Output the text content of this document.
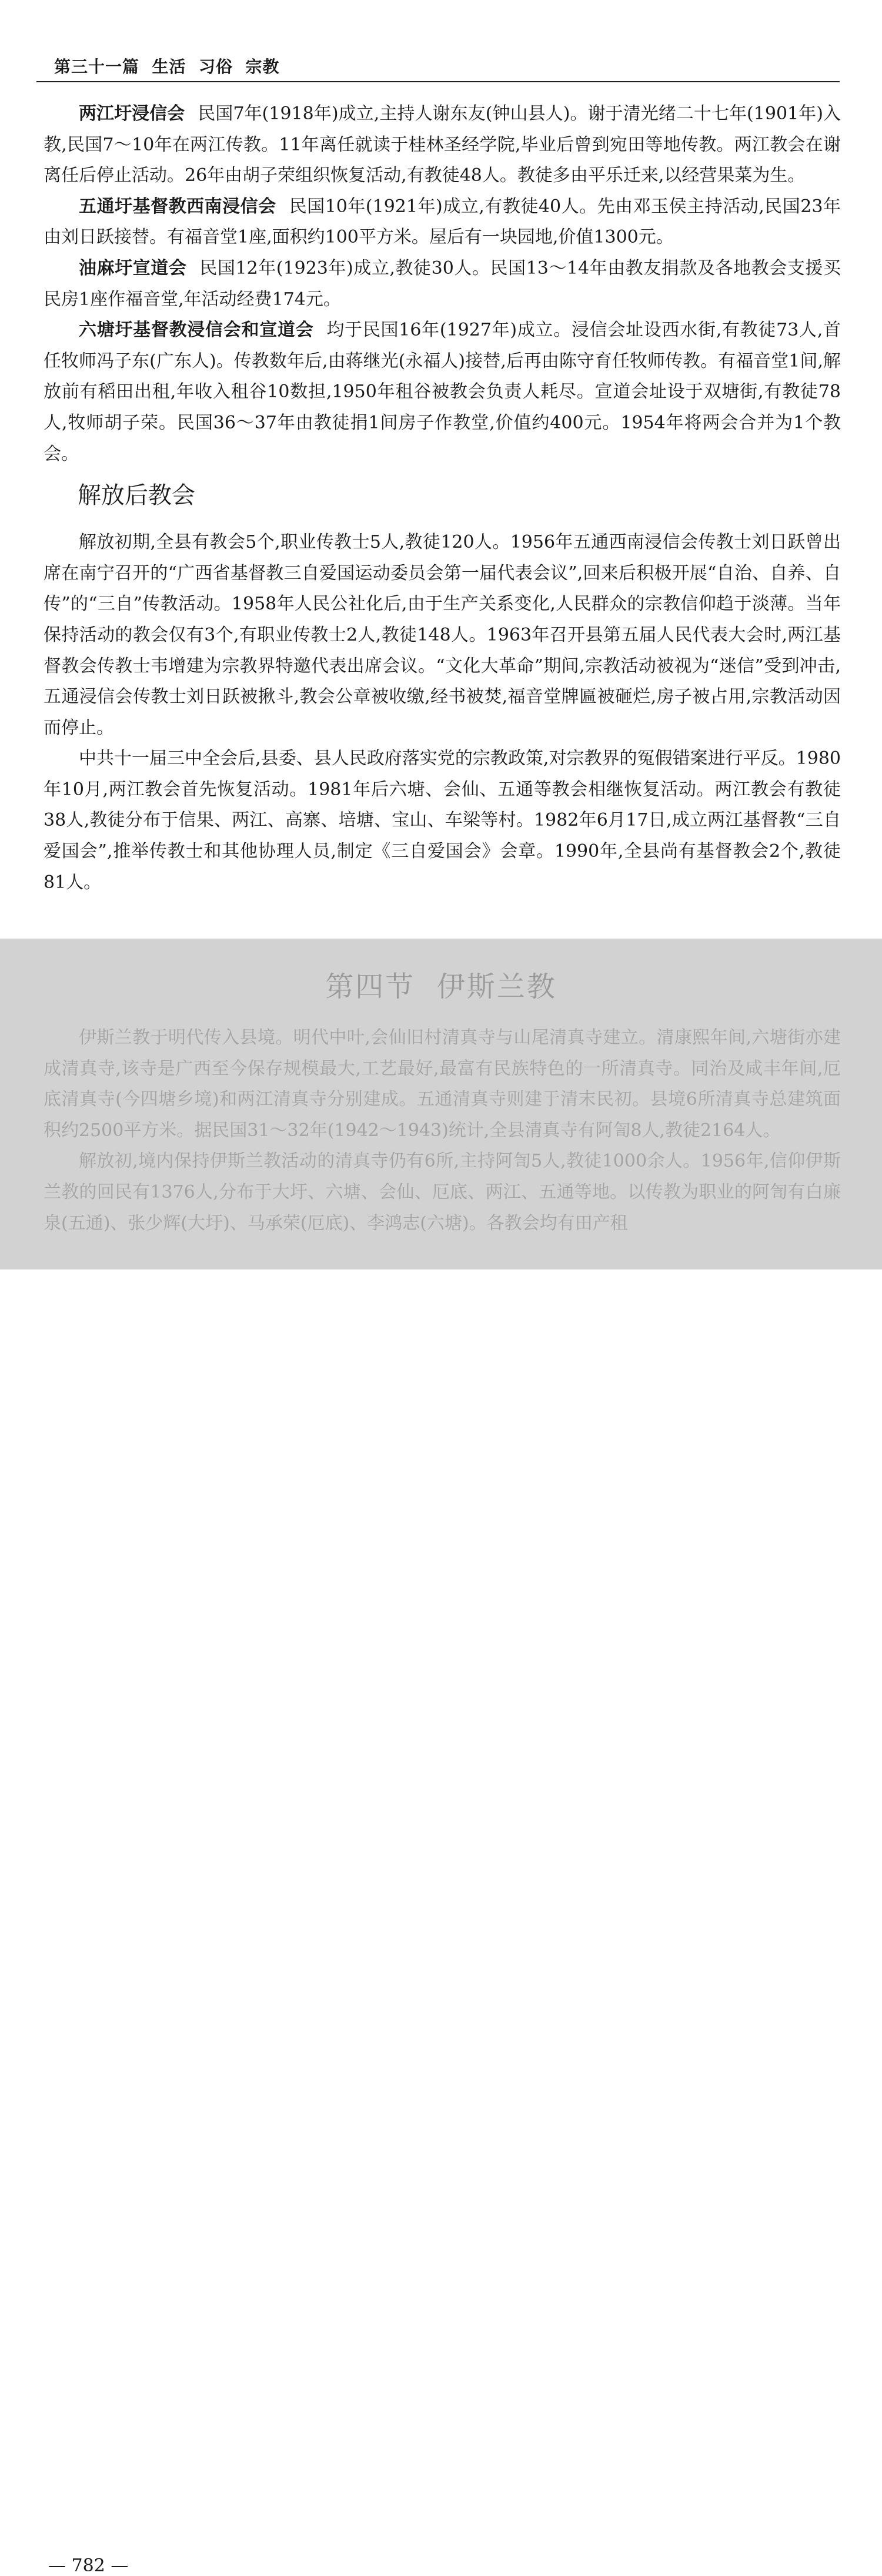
第三十一篇  生活  习俗  宗教

两江圩浸信会 民国7年(1918年)成立,主持人谢东友(钟山县人)。谢于清光绪二十七年(1901年)入教,民国7～10年在两江传教。11年离任就读于桂林圣经学院,毕业后曾到宛田等地传教。两江教会在谢离任后停止活动。26年由胡子荣组织恢复活动,有教徒48人。教徒多由平乐迁来,以经营果菜为生。

五通圩基督教西南浸信会 民国10年(1921年)成立,有教徒40人。先由邓玉侯主持活动,民国23年由刘日跃接替。有福音堂1座,面积约100平方米。屋后有一块园地,价值1300元。

油麻圩宣道会 民国12年(1923年)成立,教徒30人。民国13～14年由教友捐款及各地教会支援买民房1座作福音堂,年活动经费174元。

六塘圩基督教浸信会和宣道会 均于民国16年(1927年)成立。浸信会址设西水街,有教徒73人,首任牧师冯子东(广东人)。传教数年后,由蒋继光(永福人)接替,后再由陈守育任牧师传教。有福音堂1间,解放前有稻田出租,年收入租谷10数担,1950年租谷被教会负责人耗尽。宣道会址设于双塘街,有教徒78人,牧师胡子荣。民国36～37年由教徒捐1间房子作教堂,价值约400元。1954年将两会合并为1个教会。

解放后教会

解放初期,全县有教会5个,职业传教士5人,教徒120人。1956年五通西南浸信会传教士刘日跃曾出席在南宁召开的“广西省基督教三自爱国运动委员会第一届代表会议”,回来后积极开展“自治、自养、自传”的“三自”传教活动。1958年人民公社化后,由于生产关系变化,人民群众的宗教信仰趋于淡薄。当年保持活动的教会仅有3个,有职业传教士2人,教徒148人。1963年召开县第五届人民代表大会时,两江基督教会传教士韦增建为宗教界特邀代表出席会议。“文化大革命”期间,宗教活动被视为“迷信”受到冲击,五通浸信会传教士刘日跃被揪斗,教会公章被收缴,经书被焚,福音堂牌匾被砸烂,房子被占用,宗教活动因而停止。

中共十一届三中全会后,县委、县人民政府落实党的宗教政策,对宗教界的冤假错案进行平反。1980年10月,两江教会首先恢复活动。1981年后六塘、会仙、五通等教会相继恢复活动。两江教会有教徒38人,教徒分布于信果、两江、高寨、培塘、宝山、车梁等村。1982年6月17日,成立两江基督教“三自爱国会”,推举传教士和其他协理人员,制定《三自爱国会》会章。1990年,全县尚有基督教会2个,教徒81人。

第四节  伊斯兰教

伊斯兰教于明代传入县境。明代中叶,会仙旧村清真寺与山尾清真寺建立。清康熙年间,六塘街亦建成清真寺,该寺是广西至今保存规模最大,工艺最好,最富有民族特色的一所清真寺。同治及咸丰年间,厄底清真寺(今四塘乡境)和两江清真寺分别建成。五通清真寺则建于清末民初。县境6所清真寺总建筑面积约2500平方米。据民国31～32年(1942～1943)统计,全县清真寺有阿訇8人,教徒2164人。

解放初,境内保持伊斯兰教活动的清真寺仍有6所,主持阿訇5人,教徒1000余人。1956年,信仰伊斯兰教的回民有1376人,分布于大圩、六塘、会仙、厄底、两江、五通等地。以传教为职业的阿訇有白廉泉(五通)、张少辉(大圩)、马承荣(厄底)、李鸿志(六塘)。各教会均有田产租

— 782 —
